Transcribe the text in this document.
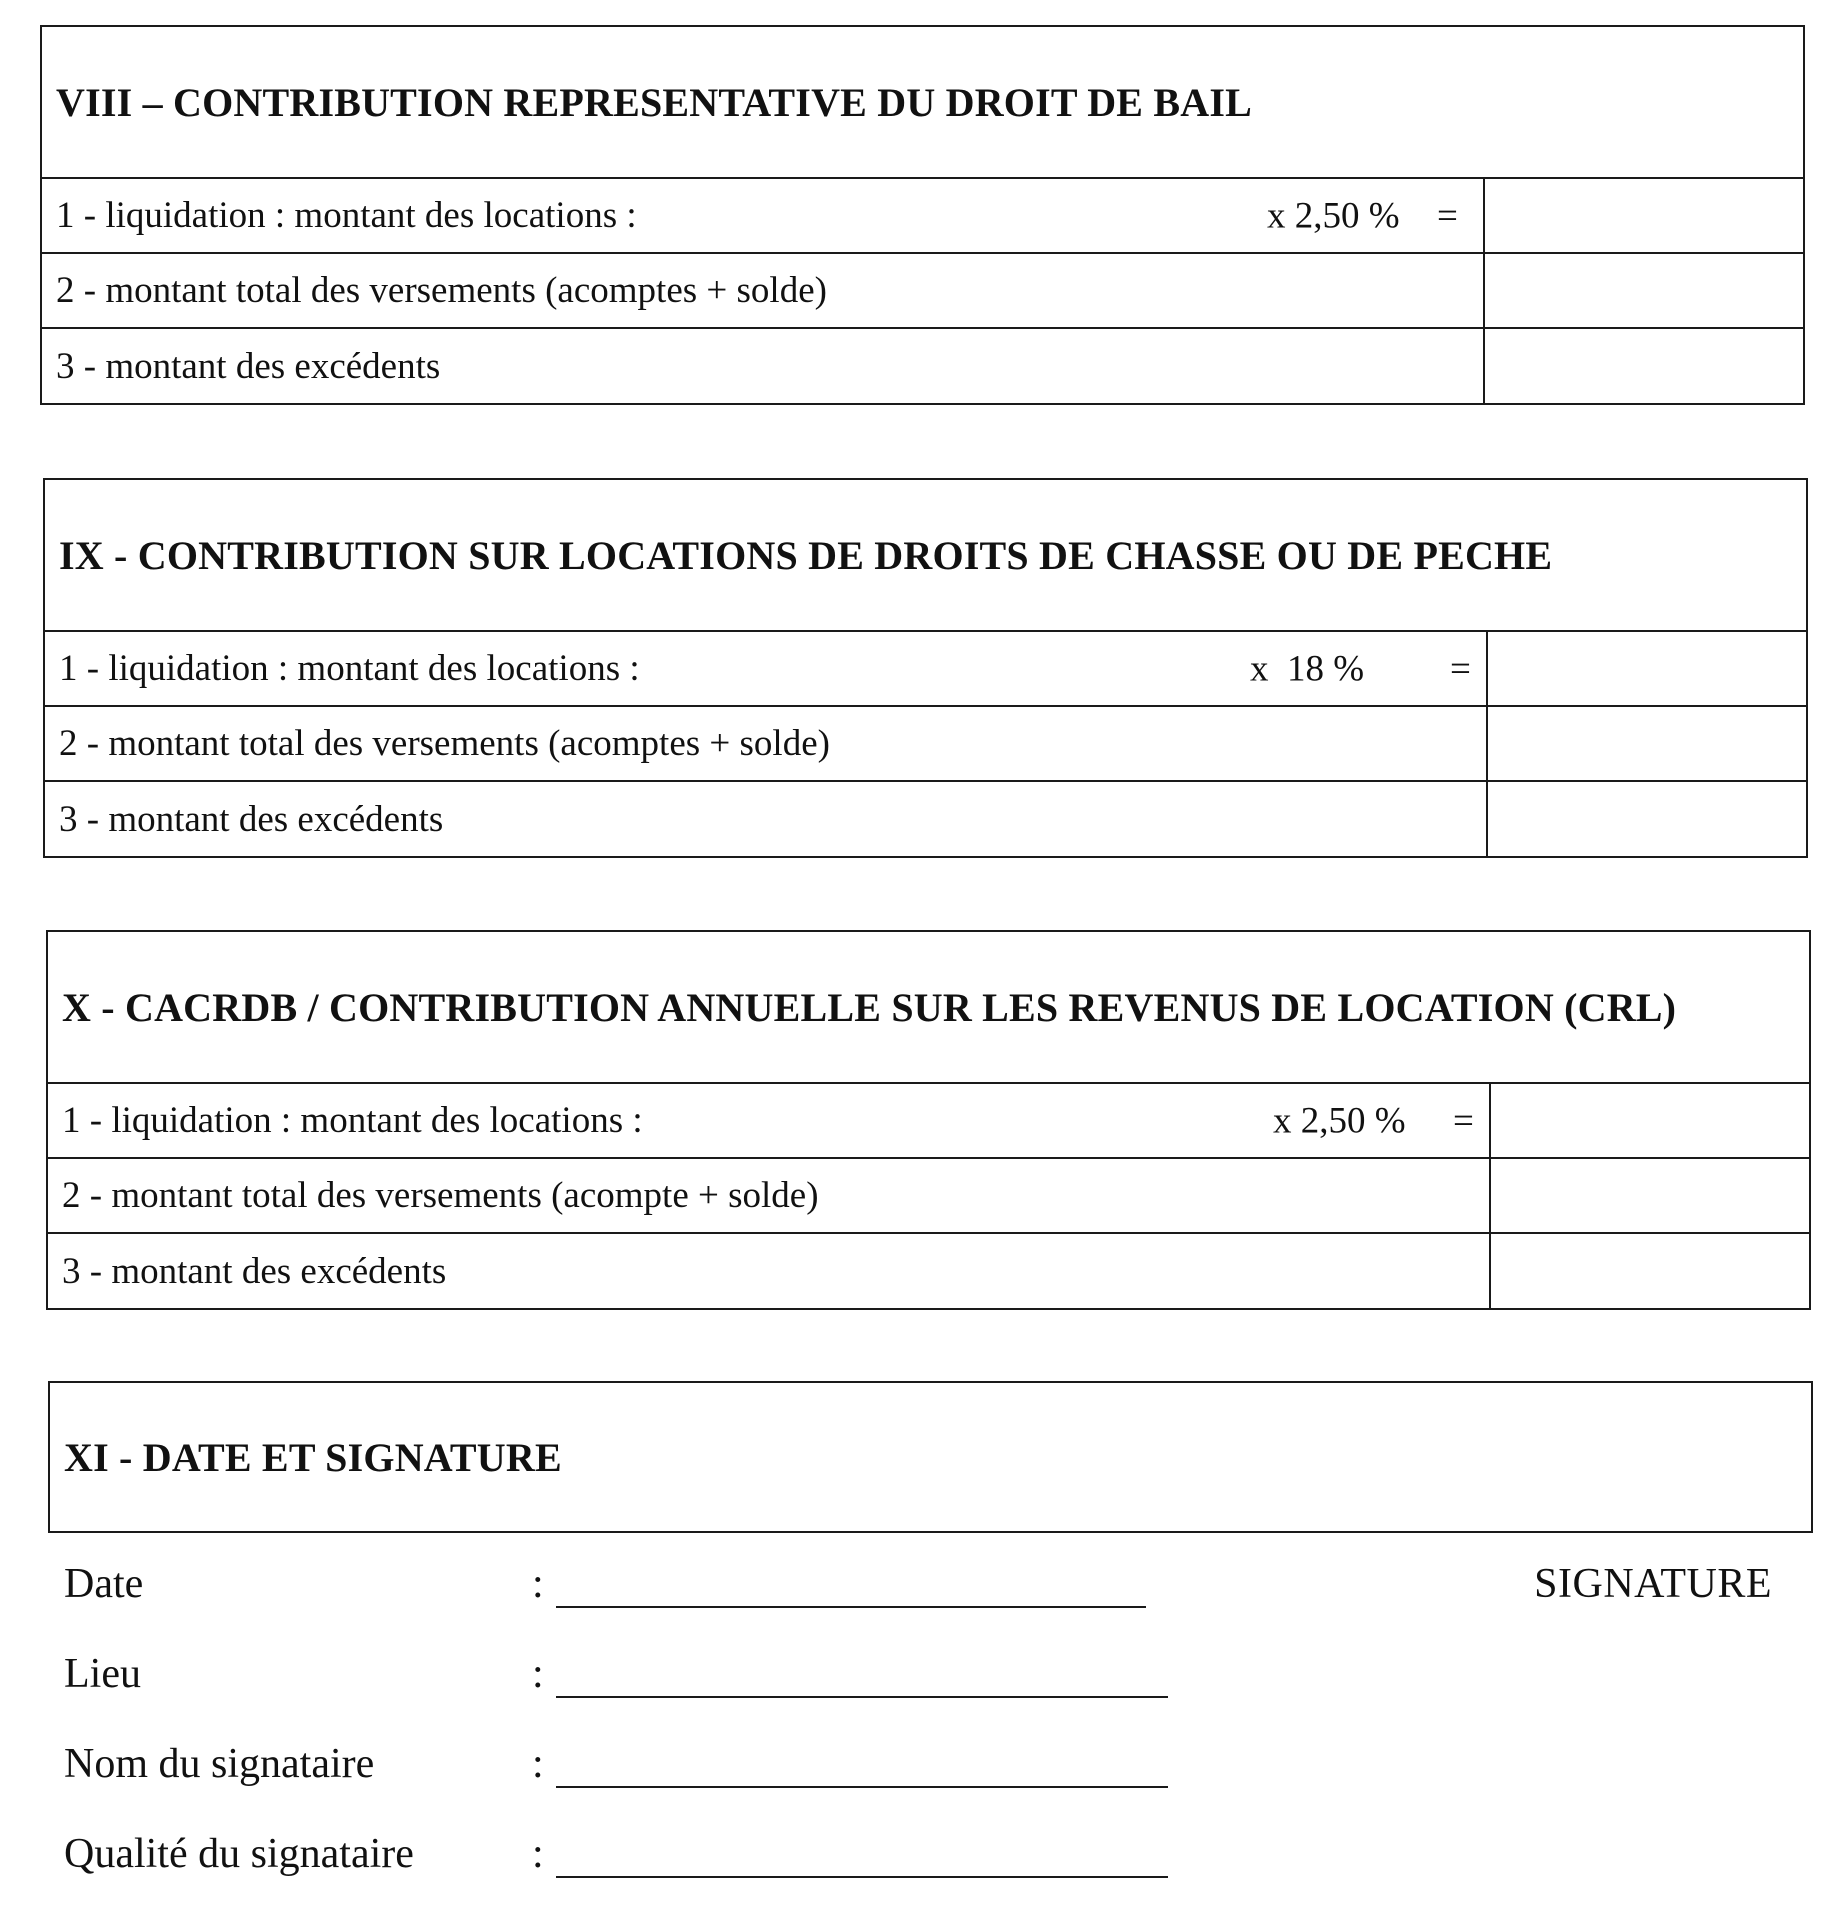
VIII – CONTRIBUTION REPRESENTATIVE DU DROIT DE BAIL
1 - liquidation : montant des locations :	x 2,50 % =
2 - montant total des versements (acomptes + solde)
3 - montant des excédents
IX - CONTRIBUTION SUR LOCATIONS DE DROITS DE CHASSE OU DE PECHE
1 - liquidation : montant des locations :	x  18 % =
2 - montant total des versements (acomptes + solde)
3 - montant des excédents
X - CACRDB / CONTRIBUTION ANNUELLE SUR LES REVENUS DE LOCATION (CRL)
1 - liquidation : montant des locations :	x 2,50 % =
2 - montant total des versements (acompte + solde)
3 - montant des excédents
XI - DATE ET SIGNATURE
SIGNATURE
Date	:
Lieu	:
Nom du signataire	:
Qualité du signataire	:
